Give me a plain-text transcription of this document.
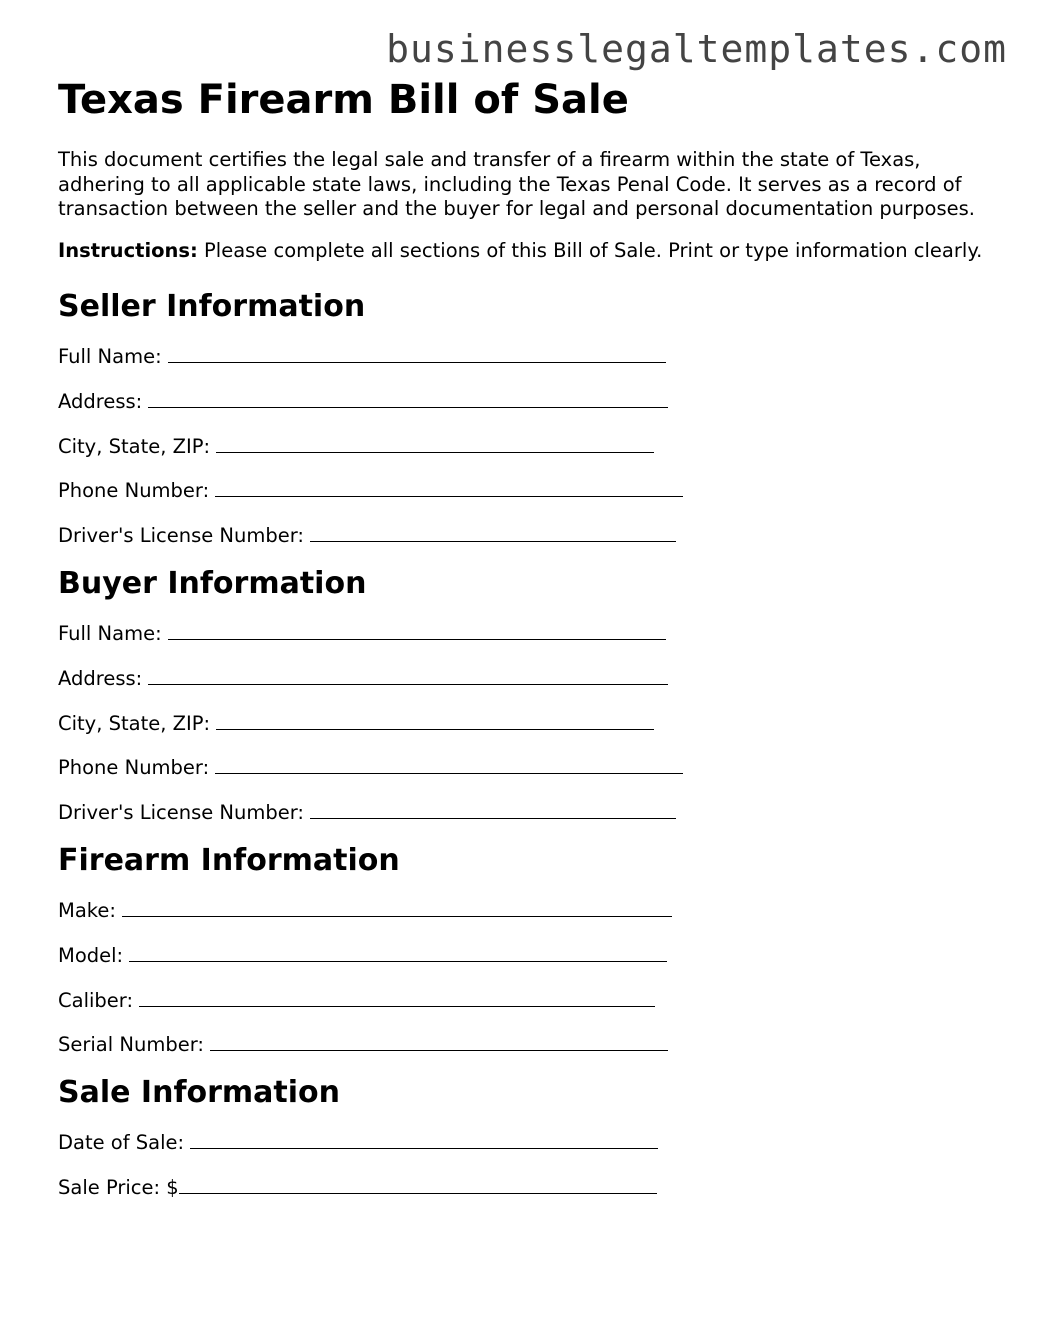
businesslegaltemplates.com
Texas Firearm Bill of Sale

This document certifies the legal sale and transfer of a firearm within the state of Texas, adhering to all applicable state laws, including the Texas Penal Code. It serves as a record of transaction between the seller and the buyer for legal and personal documentation purposes.

Instructions: Please complete all sections of this Bill of Sale. Print or type information clearly.

Seller Information
Full Name:
Address:
City, State, ZIP:
Phone Number:
Driver's License Number:
Buyer Information
Full Name:
Address:
City, State, ZIP:
Phone Number:
Driver's License Number:
Firearm Information
Make:
Model:
Caliber:
Serial Number:
Sale Information
Date of Sale:
Sale Price: $
